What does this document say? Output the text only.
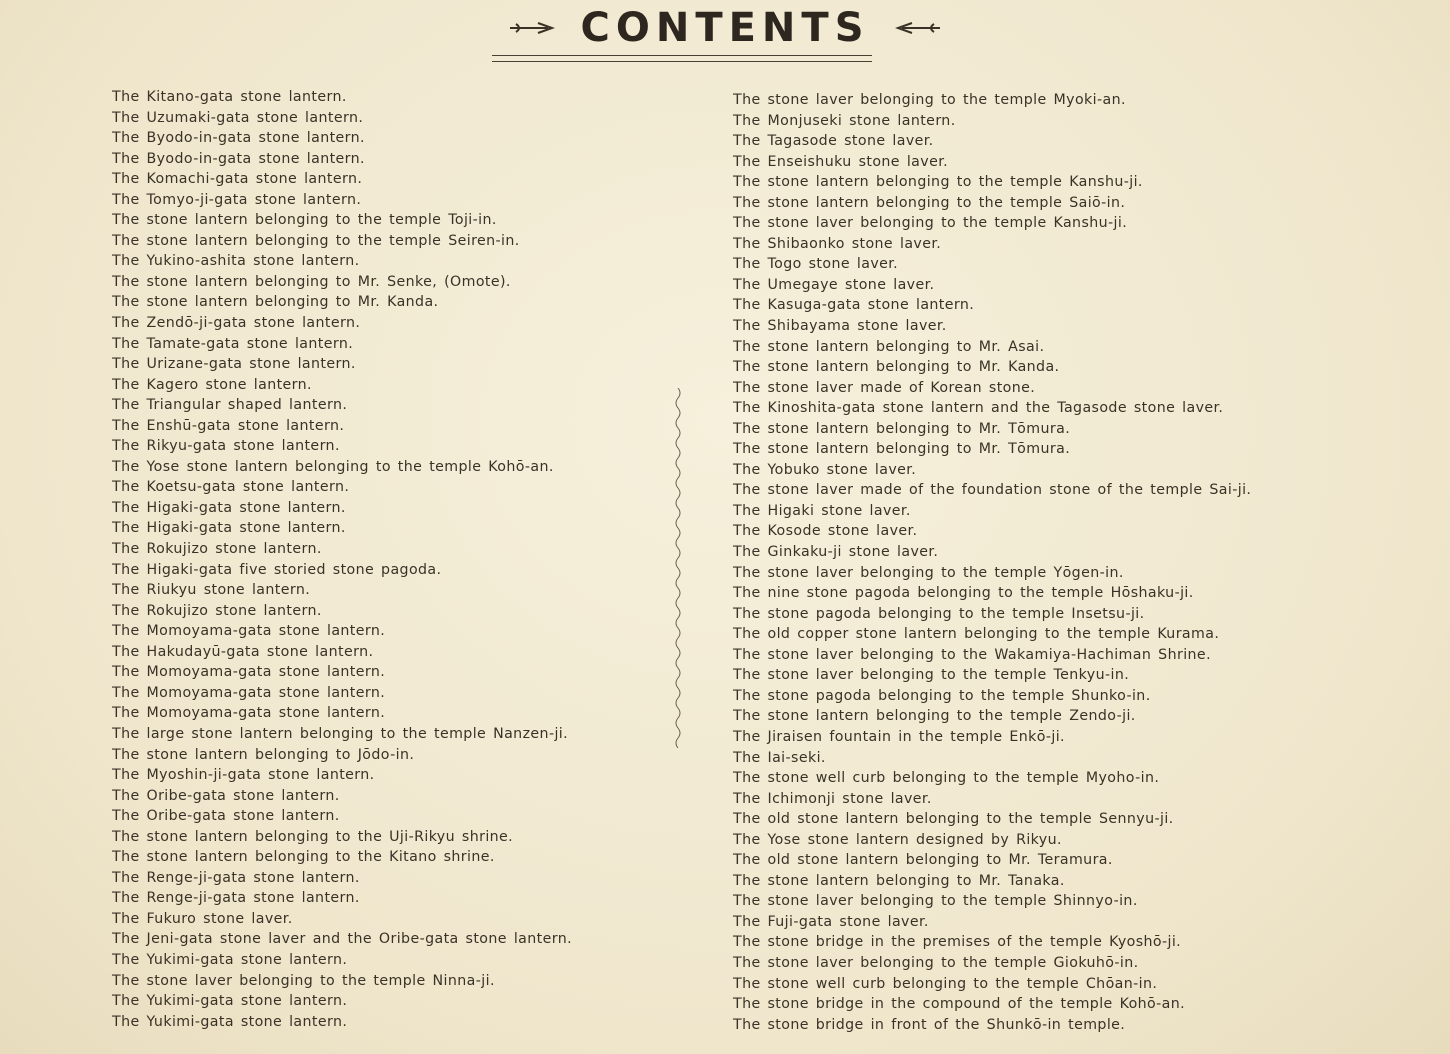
CONTENTS
The Kitano-gata stone lantern.
The Uzumaki-gata stone lantern.
The Byodo-in-gata stone lantern.
The Byodo-in-gata stone lantern.
The Komachi-gata stone lantern.
The Tomyo-ji-gata stone lantern.
The stone lantern belonging to the temple Toji-in.
The stone lantern belonging to the temple Seiren-in.
The Yukino-ashita stone lantern.
The stone lantern belonging to Mr. Senke, (Omote).
The stone lantern belonging to Mr. Kanda.
The Zendō-ji-gata stone lantern.
The Tamate-gata stone lantern.
The Urizane-gata stone lantern.
The Kagero stone lantern.
The Triangular shaped lantern.
The Enshū-gata stone lantern.
The Rikyu-gata stone lantern.
The Yose stone lantern belonging to the temple Kohō-an.
The Koetsu-gata stone lantern.
The Higaki-gata stone lantern.
The Higaki-gata stone lantern.
The Rokujizo stone lantern.
The Higaki-gata five storied stone pagoda.
The Riukyu stone lantern.
The Rokujizo stone lantern.
The Momoyama-gata stone lantern.
The Hakudayū-gata stone lantern.
The Momoyama-gata stone lantern.
The Momoyama-gata stone lantern.
The Momoyama-gata stone lantern.
The large stone lantern belonging to the temple Nanzen-ji.
The stone lantern belonging to Jōdo-in.
The Myoshin-ji-gata stone lantern.
The Oribe-gata stone lantern.
The Oribe-gata stone lantern.
The stone lantern belonging to the Uji-Rikyu shrine.
The stone lantern belonging to the Kitano shrine.
The Renge-ji-gata stone lantern.
The Renge-ji-gata stone lantern.
The Fukuro stone laver.
The Jeni-gata stone laver and the Oribe-gata stone lantern.
The Yukimi-gata stone lantern.
The stone laver belonging to the temple Ninna-ji.
The Yukimi-gata stone lantern.
The Yukimi-gata stone lantern.
The stone laver belonging to the temple Myoki-an.
The Monjuseki stone lantern.
The Tagasode stone laver.
The Enseishuku stone laver.
The stone lantern belonging to the temple Kanshu-ji.
The stone lantern belonging to the temple Saiō-in.
The stone laver belonging to the temple Kanshu-ji.
The Shibaonko stone laver.
The Togo stone laver.
The Umegaye stone laver.
The Kasuga-gata stone lantern.
The Shibayama stone laver.
The stone lantern belonging to Mr. Asai.
The stone lantern belonging to Mr. Kanda.
The stone laver made of Korean stone.
The Kinoshita-gata stone lantern and the Tagasode stone laver.
The stone lantern belonging to Mr. Tōmura.
The stone lantern belonging to Mr. Tōmura.
The Yobuko stone laver.
The stone laver made of the foundation stone of the temple Sai-ji.
The Higaki stone laver.
The Kosode stone laver.
The Ginkaku-ji stone laver.
The stone laver belonging to the temple Yōgen-in.
The nine stone pagoda belonging to the temple Hōshaku-ji.
The stone pagoda belonging to the temple Insetsu-ji.
The old copper stone lantern belonging to the temple Kurama.
The stone laver belonging to the Wakamiya-Hachiman Shrine.
The stone laver belonging to the temple Tenkyu-in.
The stone pagoda belonging to the temple Shunko-in.
The stone lantern belonging to the temple Zendo-ji.
The Jiraisen fountain in the temple Enkō-ji.
The Iai-seki.
The stone well curb belonging to the temple Myoho-in.
The Ichimonji stone laver.
The old stone lantern belonging to the temple Sennyu-ji.
The Yose stone lantern designed by Rikyu.
The old stone lantern belonging to Mr. Teramura.
The stone lantern belonging to Mr. Tanaka.
The stone laver belonging to the temple Shinnyo-in.
The Fuji-gata stone laver.
The stone bridge in the premises of the temple Kyoshō-ji.
The stone laver belonging to the temple Giokuhō-in.
The stone well curb belonging to the temple Chōan-in.
The stone bridge in the compound of the temple Kohō-an.
The stone bridge in front of the Shunkō-in temple.
